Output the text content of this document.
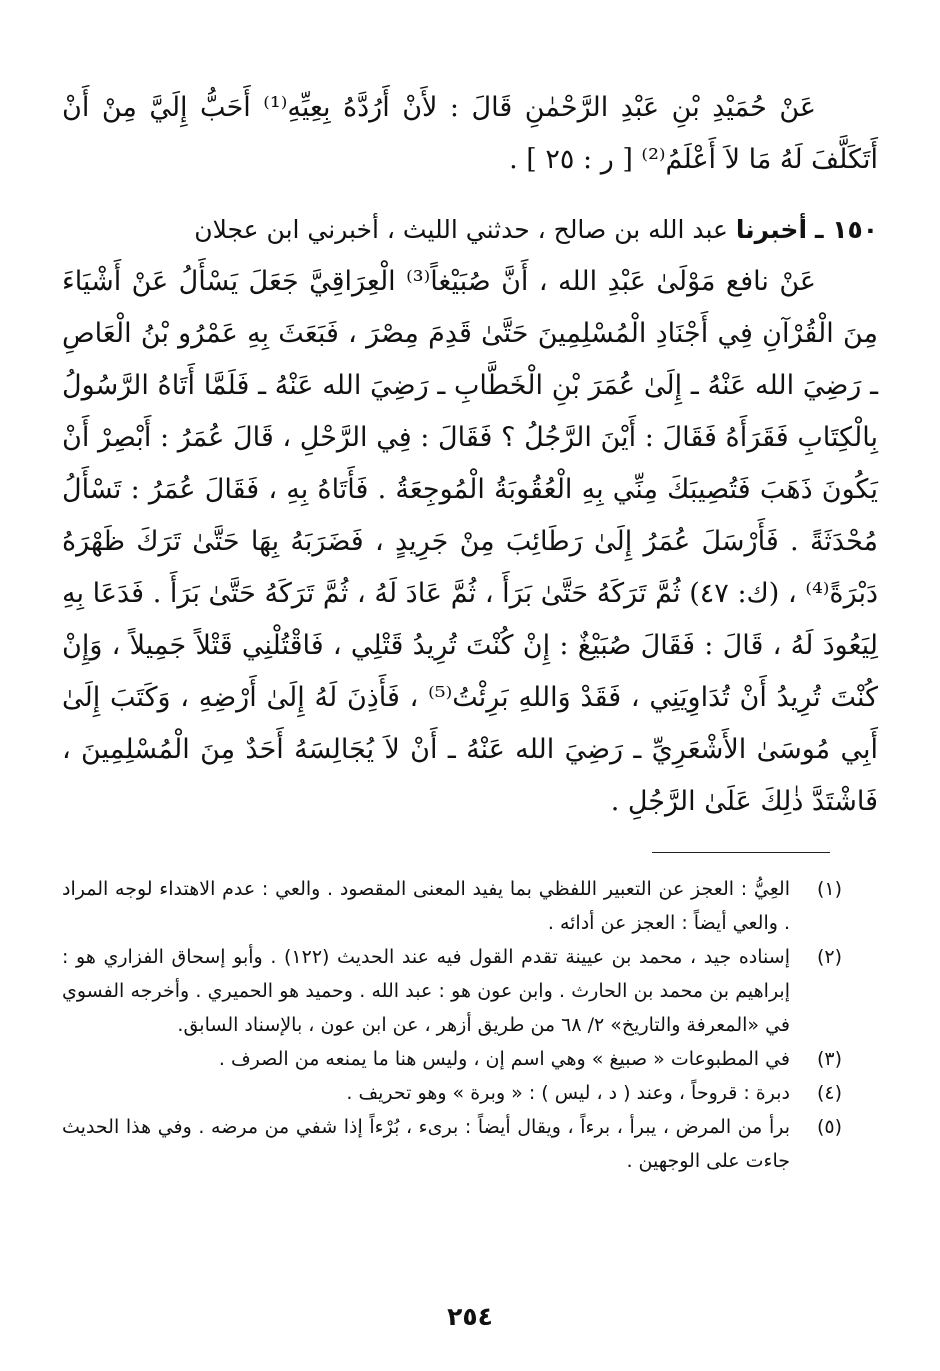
عَنْ حُمَيْدِ بْنِ عَبْدِ الرَّحْمٰنِ قَالَ : لأَنْ أَرُدَّهُ بِعِيِّهِ⁽¹⁾ أَحَبُّ إِلَيَّ مِنْ أَنْ أَتَكَلَّفَ لَهُ مَا لاَ أَعْلَمُ⁽²⁾ [ ر : ٢٥ ] .

١٥٠ ـ أخبرنا عبد الله بن صالح ، حدثني الليث ، أخبرني ابن عجلان

عَنْ نافع مَوْلَىٰ عَبْدِ الله ، أَنَّ صُبَيْغاً⁽³⁾ الْعِرَاقِيَّ جَعَلَ يَسْأَلُ عَنْ أَشْيَاءَ مِنَ الْقُرْآنِ فِي أَجْنَادِ الْمُسْلِمِينَ حَتَّىٰ قَدِمَ مِصْرَ ، فَبَعَثَ بِهِ عَمْرُو بْنُ الْعَاصِ ـ رَضِيَ الله عَنْهُ ـ إِلَىٰ عُمَرَ بْنِ الْخَطَّابِ ـ رَضِيَ الله عَنْهُ ـ فَلَمَّا أَتَاهُ الرَّسُولُ بِالْكِتَابِ فَقَرَأَهُ فَقَالَ : أَيْنَ الرَّجُلُ ؟ فَقَالَ : فِي الرَّحْلِ ، قَالَ عُمَرُ : أَبْصِرْ أَنْ يَكُونَ ذَهَبَ فَتُصِيبَكَ مِنِّي بِهِ الْعُقُوبَةُ الْمُوجِعَةُ . فَأَتَاهُ بِهِ ، فَقَالَ عُمَرُ : تَسْأَلُ مُحْدَثَةً . فَأَرْسَلَ عُمَرُ إِلَىٰ رَطَائِبَ مِنْ جَرِيدٍ ، فَضَرَبَهُ بِهَا حَتَّىٰ تَرَكَ ظَهْرَهُ دَبْرَةً⁽⁴⁾ ، (ك: ٤٧) ثُمَّ تَرَكَهُ حَتَّىٰ بَرَأَ ، ثُمَّ عَادَ لَهُ ، ثُمَّ تَرَكَهُ حَتَّىٰ بَرَأَ . فَدَعَا بِهِ لِيَعُودَ لَهُ ، قَالَ : فَقَالَ صُبَيْغٌ : إِنْ كُنْتَ تُرِيدُ قَتْلِي ، فَاقْتُلْنِي قَتْلاً جَمِيلاً ، وَإِنْ كُنْتَ تُرِيدُ أَنْ تُدَاوِيَنِي ، فَقَدْ وَاللهِ بَرِئْتُ⁽⁵⁾ ، فَأَذِنَ لَهُ إِلَىٰ أَرْضِهِ ، وَكَتَبَ إِلَىٰ أَبِي مُوسَىٰ الأَشْعَرِيِّ ـ رَضِيَ الله عَنْهُ ـ أَنْ لاَ يُجَالِسَهُ أَحَدٌ مِنَ الْمُسْلِمِينَ ، فَاشْتَدَّ ذٰلِكَ عَلَىٰ الرَّجُلِ .

(١)
العِيُّ : العجز عن التعبير اللفظي بما يفيد المعنى المقصود . والعي : عدم الاهتداء لوجه المراد . والعي أيضاً : العجز عن أدائه .

(٢)
إسناده جيد ، محمد بن عيينة تقدم القول فيه عند الحديث (١٢٢) . وأبو إسحاق الفزاري هو : إبراهيم بن محمد بن الحارث . وابن عون هو : عبد الله . وحميد هو الحميري . وأخرجه الفسوي في «المعرفة والتاريخ» ٢/ ٦٨ من طريق أزهر ، عن ابن عون ، بالإسناد السابق.

(٣)
في المطبوعات « صبيغ » وهي اسم إن ، وليس هنا ما يمنعه من الصرف .

(٤)
دبرة : قروحاً ، وعند ( د ، ليس ) : « وبرة » وهو تحريف .

(٥)
برأ من المرض ، يبرأ ، برءاً ، ويقال أيضاً : برىء ، بُرْءاً إذا شفي من مرضه . وفي هذا الحديث جاءت على الوجهين .

٢٥٤
